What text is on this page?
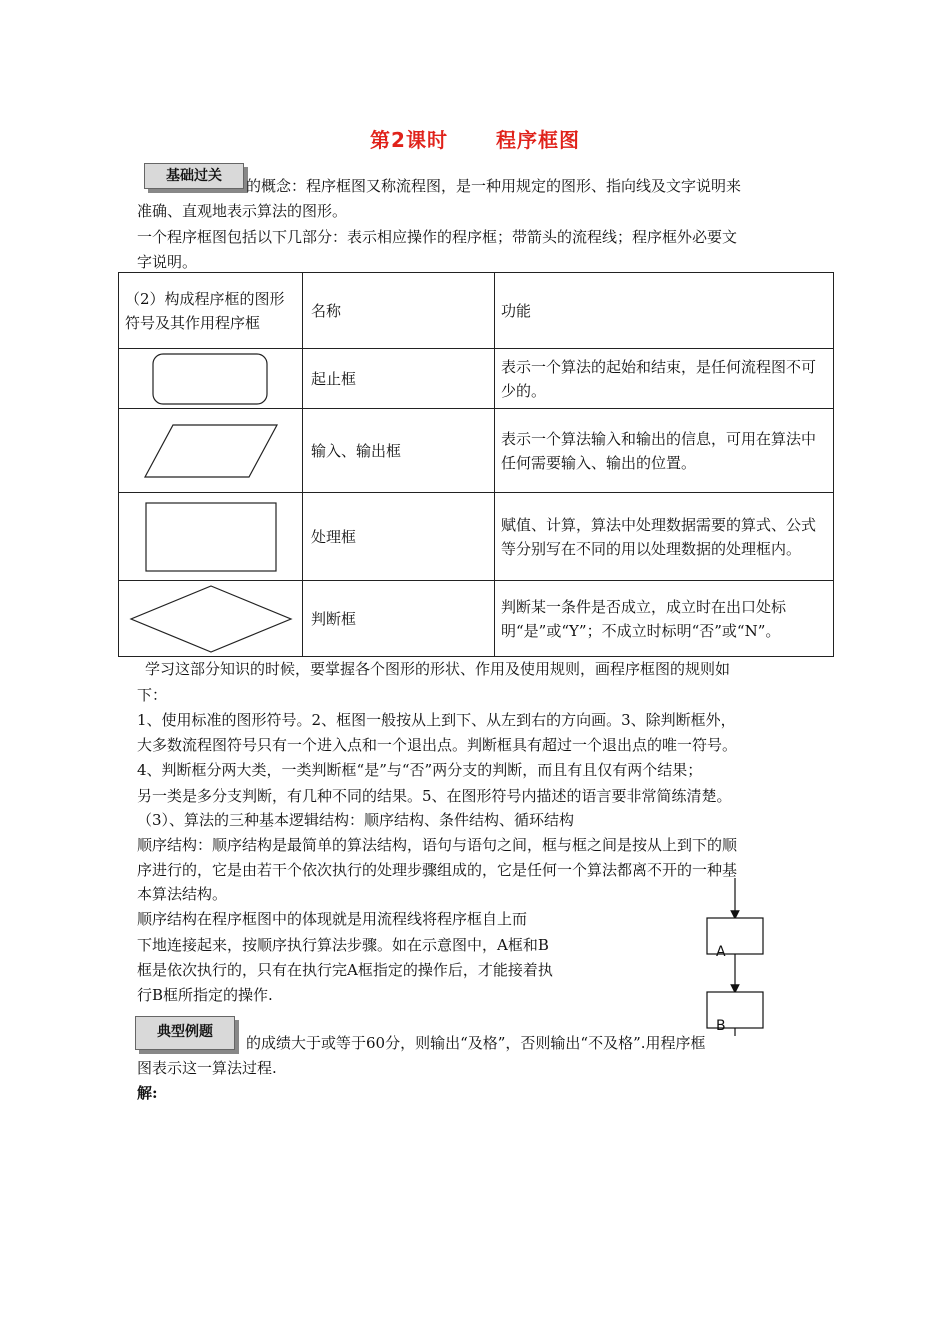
第2课时 程序框图
基础过关
的概念：程序框图又称流程图，是一种用规定的图形、指向线及文字说明来
准确、直观地表示算法的图形。
一个程序框图包括以下几部分：表示相应操作的程序框；带箭头的流程线；程序框外必要文
字说明。
（2）构成程序框的图形符号及其作用程序框	名称	功能

	起止框	表示一个算法的起始和结束，是任何流程图不可少的。

	输入、输出框	表示一个算法输入和输出的信息，可用在算法中任何需要输入、输出的位置。

	处理框	赋值、计算，算法中处理数据需要的算式、公式等分别写在不同的用以处理数据的处理框内。

	判断框	判断某一条件是否成立，成立时在出口处标明“是”或“Y”；不成立时标明“否”或“N”。
学习这部分知识的时候，要掌握各个图形的形状、作用及使用规则，画程序框图的规则如
下：
1、使用标准的图形符号。2、框图一般按从上到下、从左到右的方向画。3、除判断框外，
大多数流程图符号只有一个进入点和一个退出点。判断框具有超过一个退出点的唯一符号。
4、判断框分两大类，一类判断框“是”与“否”两分支的判断，而且有且仅有两个结果；
另一类是多分支判断，有几种不同的结果。5、在图形符号内描述的语言要非常简练清楚。
（3）、算法的三种基本逻辑结构：顺序结构、条件结构、循环结构
顺序结构：顺序结构是最简单的算法结构，语句与语句之间，框与框之间是按从上到下的顺
序进行的，它是由若干个依次执行的处理步骤组成的，它是任何一个算法都离不开的一种基
本算法结构。
顺序结构在程序框图中的体现就是用流程线将程序框自上而
下地连接起来，按顺序执行算法步骤。如在示意图中，A框和B
框是依次执行的，只有在执行完A框指定的操作后，才能接着执
行B框所指定的操作.
A
B
典型例题
的成绩大于或等于60分，则输出“及格”，否则输出“不及格”.用程序框
图表示这一算法过程.
解:
